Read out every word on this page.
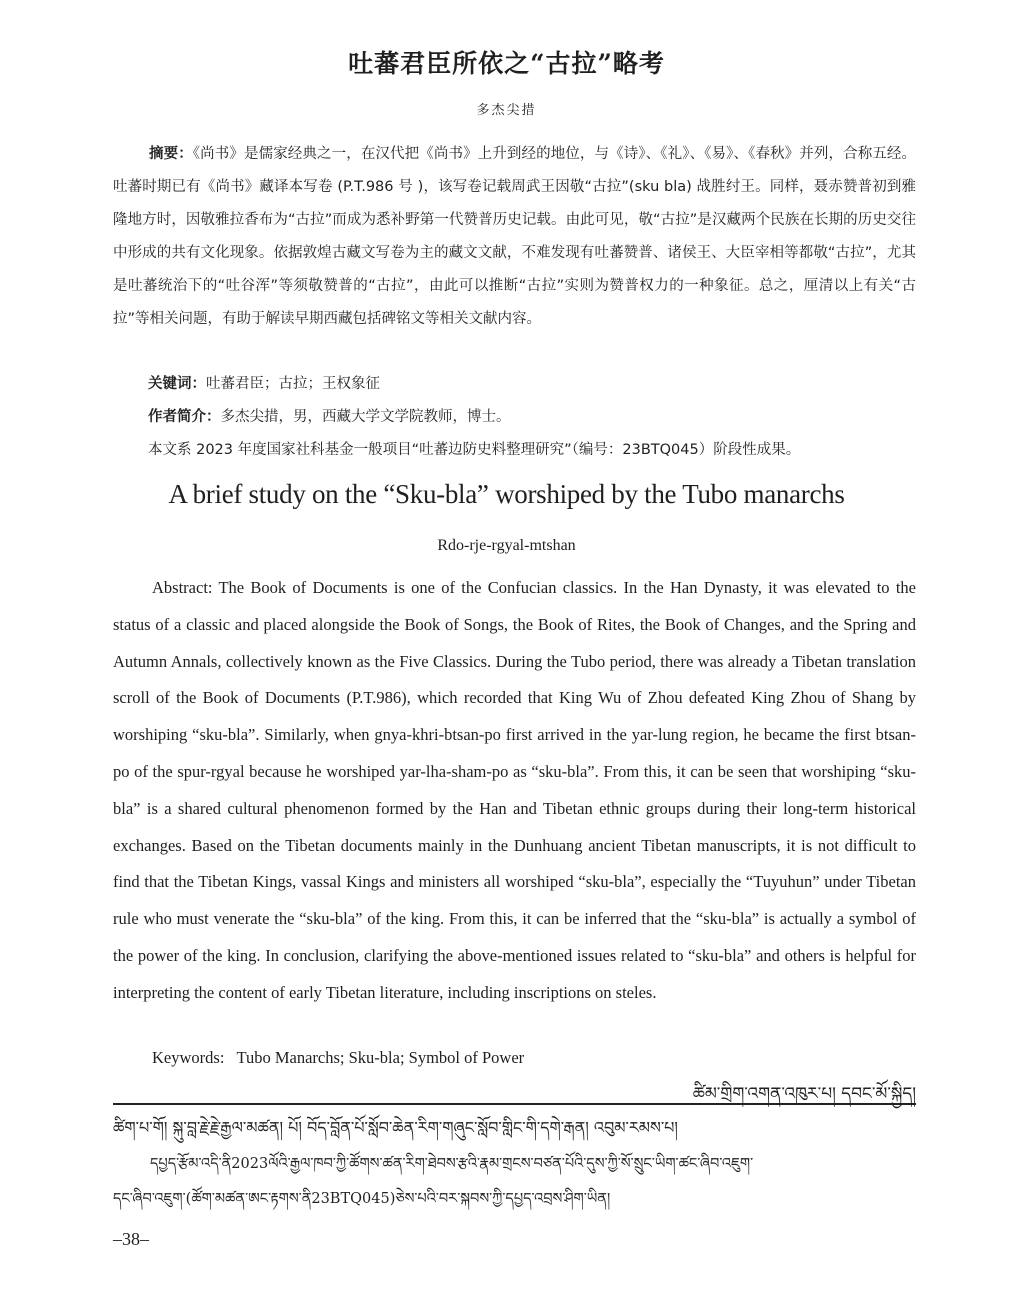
吐蕃君臣所依之“古拉”略考
多杰尖措

摘要：《尚书》是儒家经典之一，在汉代把《尚书》上升到经的地位，与《诗》、《礼》、《易》、《春秋》并列，合称五经。吐蕃时期已有《尚书》藏译本写卷 (P.T.986 号 )，该写卷记载周武王因敬“古拉”(sku bla) 战胜纣王。同样，聂赤赞普初到雅隆地方时，因敬雅拉香布为“古拉”而成为悉补野第一代赞普历史记载。由此可见，敬“古拉”是汉藏两个民族在长期的历史交往中形成的共有文化现象。依据敦煌古藏文写卷为主的藏文文献，不难发现有吐蕃赞普、诸侯王、大臣宰相等都敬“古拉”，尤其是吐蕃统治下的“吐谷浑”等须敬赞普的“古拉”，由此可以推断“古拉”实则为赞普权力的一种象征。总之，厘清以上有关“古拉”等相关问题，有助于解读早期西藏包括碑铭文等相关文献内容。

关键词：吐蕃君臣；古拉；王权象征
作者简介：多杰尖措，男，西藏大学文学院教师，博士。
本文系 2023 年度国家社科基金一般项目“吐蕃边防史料整理研究”（编号：23BTQ045）阶段性成果。
A brief study on the “Sku-bla” worshiped by the Tubo manarchs
Rdo-rje-rgyal-mtshan

Abstract: The Book of Documents is one of the Confucian classics. In the Han Dynasty, it was elevated to the status of a classic and placed alongside the Book of Songs, the Book of Rites, the Book of Changes, and the Spring and Autumn Annals, collectively known as the Five Classics. During the Tubo period, there was already a Tibetan translation scroll of the Book of Documents (P.T.986), which recorded that King Wu of Zhou defeated King Zhou of Shang by worshiping “sku-bla”. Similarly, when gnya-khri-btsan-po first arrived in the yar-lung region, he became the first btsan-po of the spur-rgyal because he worshiped yar-lha-sham-po as “sku-bla”. From this, it can be seen that worshiping “sku-bla” is a shared cultural phenomenon formed by the Han and Tibetan ethnic groups during their long-term historical exchanges. Based on the Tibetan documents mainly in the Dunhuang ancient Tibetan manuscripts, it is not difficult to find that the Tibetan Kings, vassal Kings and ministers all worshiped “sku-bla”, especially the “Tuyuhun” under Tibetan rule who must venerate the “sku-bla” of the king. From this, it can be inferred that the “sku-bla” is actually a symbol of the power of the king. In conclusion, clarifying the above-mentioned issues related to “sku-bla” and others is helpful for interpreting the content of early Tibetan literature, including inscriptions on steles.

Keywords: Tubo Manarchs; Sku-bla; Symbol of Power
ཚིམ་གྲིག་འགན་འཁུར་པ། དབང་མོ་སྐྱིད།
ཚིག་པ་གོ། སྐུ་བླ་རྗེ་རྗེ་རྒྱལ་མཚན། པོ། བོད་བློན་པོ་སློབ་ཆེན་རིག་གཞུང་སློབ་གླིང་གི་དགེ་རྒན། འབུམ་རམས་པ།
དཔྱད་རྩོམ་འདི་ནི2023ལོའི་རྒྱལ་ཁབ་ཀྱི་ཚོགས་ཚན་རིག་ཐེབས་རྩའི་རྣམ་གྲངས་བཙན་པོའི་དུས་ཀྱི་སོ་སྲུང་ཡིག་ཚང་ཞིབ་འཇུག་
དང་ཞིབ་འཇུག་(ཚོག་མཚན་ཨང་རྟགས་ནི23BTQ045)ཅེས་པའི་བར་སྐབས་ཀྱི་དཔྱད་འབྲས་ཤིག་ཡིན།
–38–
